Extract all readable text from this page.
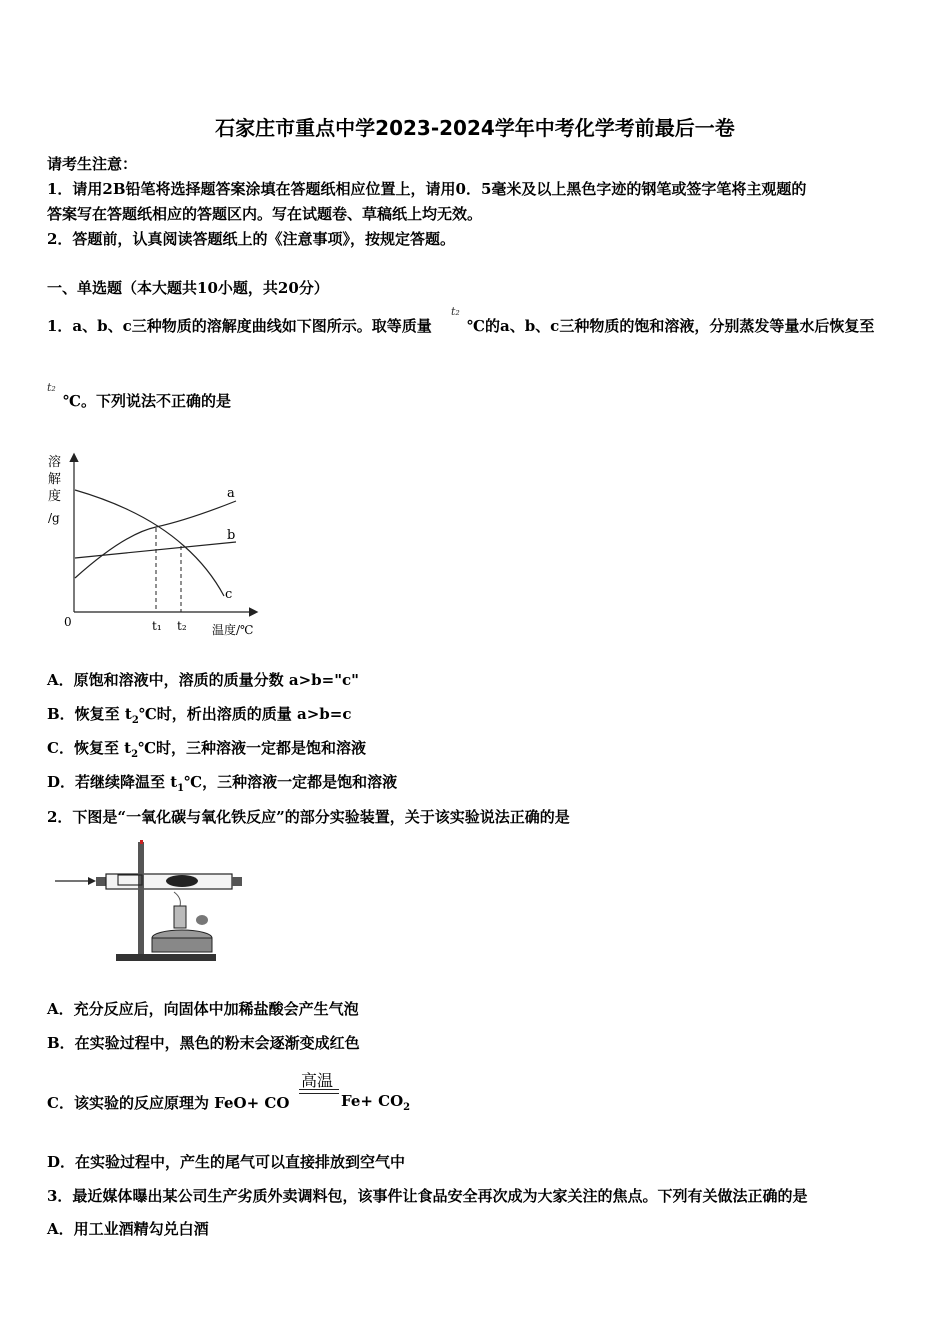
石家庄市重点中学2023-2024学年中考化学考前最后一卷
请考生注意：
1．请用2B铅笔将选择题答案涂填在答题纸相应位置上，请用0．5毫米及以上黑色字迹的钢笔或签字笔将主观题的
答案写在答题纸相应的答题区内。写在试题卷、草稿纸上均无效。
2．答题前，认真阅读答题纸上的《注意事项》，按规定答题。
一、单选题（本大题共10小题，共20分）
1．a、b、c三种物质的溶解度曲线如下图所示。取等质量
t₂
℃的a、b、c三种物质的饱和溶液，分别蒸发等量水后恢复至
t₂
℃。下列说法不正确的是
溶
解
度
/g
0	t₁ t₂ 温度/℃
a
b
c
A．原饱和溶液中，溶质的质量分数 a>b="c"
B．恢复至 $t_2℃$时，析出溶质的质量 a>b=c
C．恢复至 $t_2℃$时，三种溶液一定都是饱和溶液
D．若继续降温至 $t_1℃$，三种溶液一定都是饱和溶液
2．下图是“一氧化碳与氧化铁反应”的部分实验装置，关于该实验说法正确的是
A．充分反应后，向固体中加稀盐酸会产生气泡
B．在实验过程中，黑色的粉末会逐渐变成红色
C．该实验的反应原理为 FeO+ CO
高温
$Fe+ CO_2$
D．在实验过程中，产生的尾气可以直接排放到空气中
3．最近媒体曝出某公司生产劣质外卖调料包，该事件让食品安全再次成为大家关注的焦点。下列有关做法正确的是
A．用工业酒精勾兑白酒
